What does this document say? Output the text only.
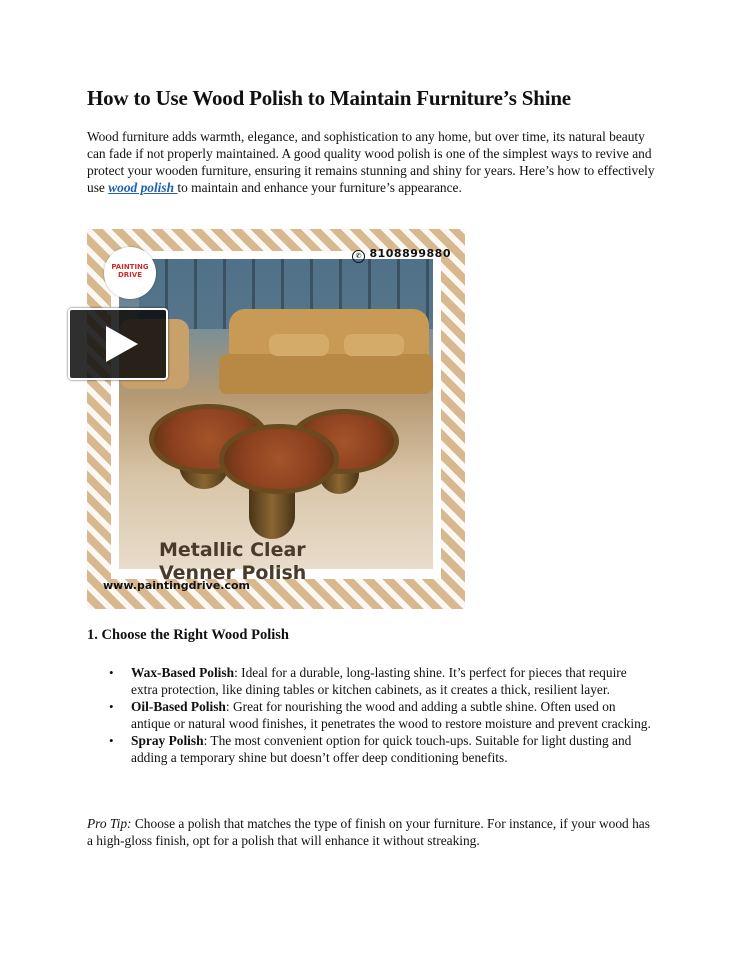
How to Use Wood Polish to Maintain Furniture’s Shine

Wood furniture adds warmth, elegance, and sophistication to any home, but over time, its natural beauty can fade if not properly maintained. A good quality wood polish is one of the simplest ways to revive and protect your wooden furniture, ensuring it remains stunning and shiny for years. Here’s how to effectively use wood polish to maintain and enhance your furniture’s appearance.

Metallic Clear
Venner Polish
PAINTING
DRIVE
✆ 8108899880
www.paintingdrive.com
1. Choose the Right Wood Polish
• Wax-Based Polish: Ideal for a durable, long-lasting shine. It’s perfect for pieces that require extra protection, like dining tables or kitchen cabinets, as it creates a thick, resilient layer.
• Oil-Based Polish: Great for nourishing the wood and adding a subtle shine. Often used on antique or natural wood finishes, it penetrates the wood to restore moisture and prevent cracking.
• Spray Polish: The most convenient option for quick touch-ups. Suitable for light dusting and adding a temporary shine but doesn’t offer deep conditioning benefits.

Pro Tip: Choose a polish that matches the type of finish on your furniture. For instance, if your wood has a high-gloss finish, opt for a polish that will enhance it without streaking.
